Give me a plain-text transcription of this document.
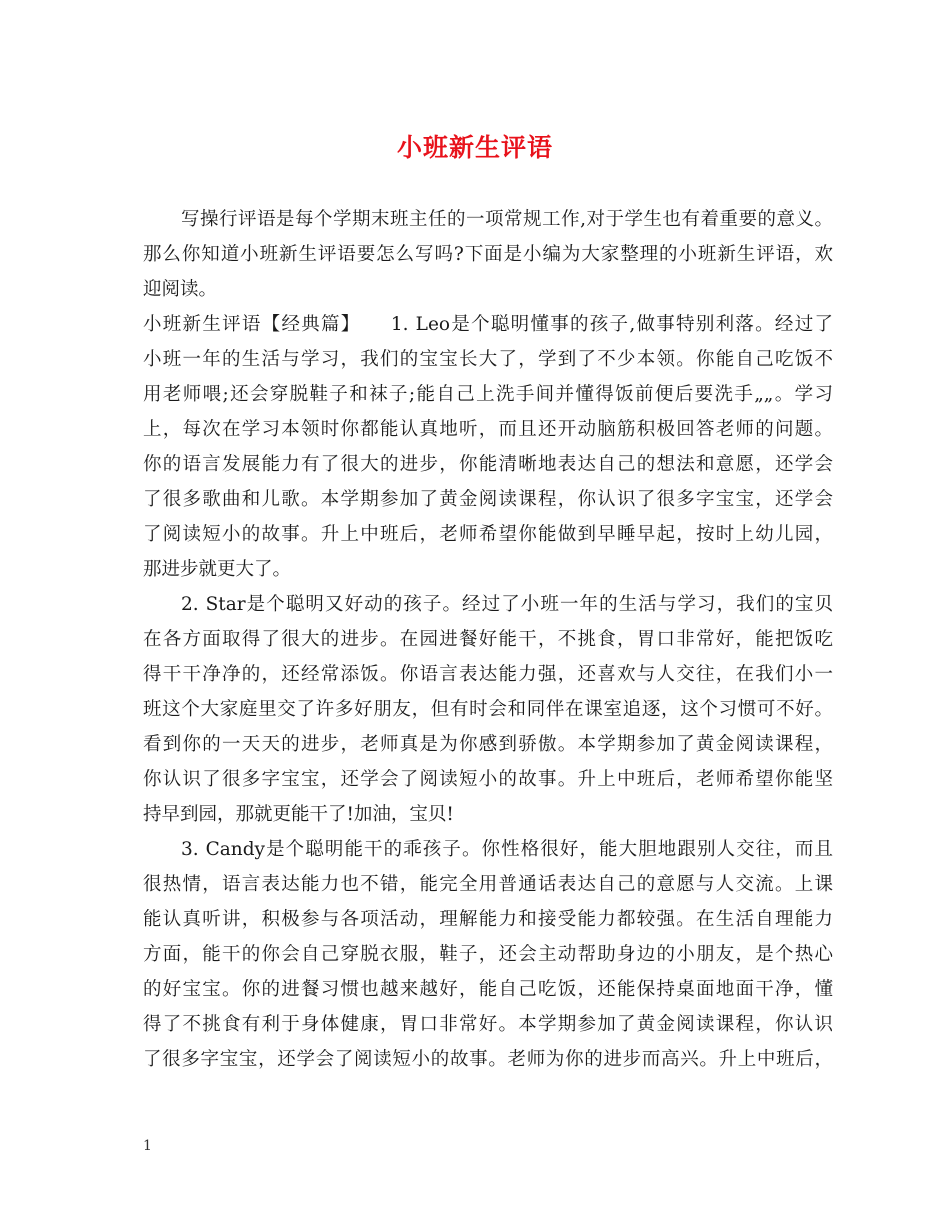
小班新生评语
写操行评语是每个学期末班主任的一项常规工作,对于学生也有着重要的意义。
那么你知道小班新生评语要怎么写吗?下面是小编为大家整理的小班新生评语，欢
迎阅读。
小班新生评语【经典篇】　　1. Leo是个聪明懂事的孩子,做事特别利落。经过了
小班一年的生活与学习，我们的宝宝长大了，学到了不少本领。你能自己吃饭不
用老师喂;还会穿脱鞋子和袜子;能自己上洗手间并懂得饭前便后要洗手„„。学习
上，每次在学习本领时你都能认真地听，而且还开动脑筋积极回答老师的问题。
你的语言发展能力有了很大的进步，你能清晰地表达自己的想法和意愿，还学会
了很多歌曲和儿歌。本学期参加了黄金阅读课程，你认识了很多字宝宝，还学会
了阅读短小的故事。升上中班后，老师希望你能做到早睡早起，按时上幼儿园，
那进步就更大了。
2. Star是个聪明又好动的孩子。经过了小班一年的生活与学习，我们的宝贝
在各方面取得了很大的进步。在园进餐好能干，不挑食，胃口非常好，能把饭吃
得干干净净的，还经常添饭。你语言表达能力强，还喜欢与人交往，在我们小一
班这个大家庭里交了许多好朋友，但有时会和同伴在课室追逐，这个习惯可不好。
看到你的一天天的进步，老师真是为你感到骄傲。本学期参加了黄金阅读课程，
你认识了很多字宝宝，还学会了阅读短小的故事。升上中班后，老师希望你能坚
持早到园，那就更能干了!加油，宝贝!
3. Candy是个聪明能干的乖孩子。你性格很好，能大胆地跟别人交往，而且
很热情，语言表达能力也不错，能完全用普通话表达自己的意愿与人交流。上课
能认真听讲，积极参与各项活动，理解能力和接受能力都较强。在生活自理能力
方面，能干的你会自己穿脱衣服，鞋子，还会主动帮助身边的小朋友，是个热心
的好宝宝。你的进餐习惯也越来越好，能自己吃饭，还能保持桌面地面干净，懂
得了不挑食有利于身体健康，胃口非常好。本学期参加了黄金阅读课程，你认识
了很多字宝宝，还学会了阅读短小的故事。老师为你的进步而高兴。升上中班后，
1
